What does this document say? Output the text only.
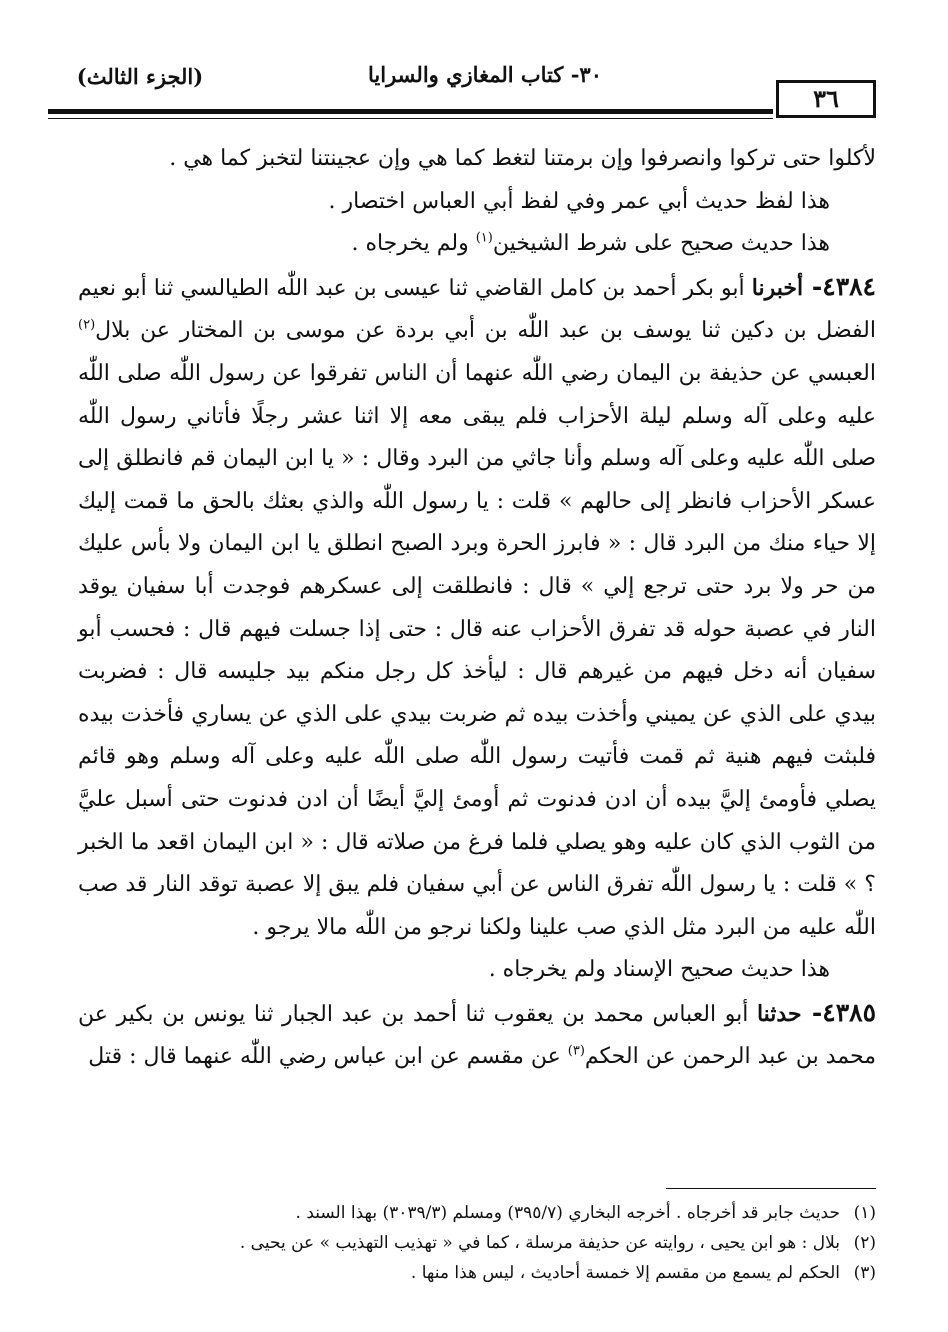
٣٦
٣٠- كتاب المغازي والسرايا
(الجزء الثالث)

لأكلوا حتى تركوا وانصرفوا وإن برمتنا لتغط كما هي وإن عجينتنا لتخبز كما هي .

هذا لفظ حديث أبي عمر وفي لفظ أبي العباس اختصار .

هذا حديث صحيح على شرط الشيخين$^{(١)}$ ولم يخرجاه .

٤٣٨٤- أخبرنا أبو بكر أحمد بن كامل القاضي ثنا عيسى بن عبد اللّٰه الطيالسي ثنا أبو نعيم الفضل بن دكين ثنا يوسف بن عبد اللّٰه بن أبي بردة عن موسى بن المختار عن بلال$^{(٢)}$ العبسي عن حذيفة بن اليمان رضي اللّٰه عنهما أن الناس تفرقوا عن رسول اللّٰه صلى اللّٰه عليه وعلى آله وسلم ليلة الأحزاب فلم يبقى معه إلا اثنا عشر رجلًا فأتاني رسول اللّٰه صلى اللّٰه عليه وعلى آله وسلم وأنا جاثي من البرد وقال : « يا ابن اليمان قم فانطلق إلى عسكر الأحزاب فانظر إلى حالهم » قلت : يا رسول اللّٰه والذي بعثك بالحق ما قمت إليك إلا حياء منك من البرد قال : « فابرز الحرة وبرد الصبح انطلق يا ابن اليمان ولا بأس عليك من حر ولا برد حتى ترجع إلي » قال : فانطلقت إلى عسكرهم فوجدت أبا سفيان يوقد النار في عصبة حوله قد تفرق الأحزاب عنه قال : حتى إذا جسلت فيهم قال : فحسب أبو سفيان أنه دخل فيهم من غيرهم قال : ليأخذ كل رجل منكم بيد جليسه قال : فضربت بيدي على الذي عن يميني وأخذت بيده ثم ضربت بيدي على الذي عن يساري فأخذت بيده فلبثت فيهم هنية ثم قمت فأتيت رسول اللّٰه صلى اللّٰه عليه وعلى آله وسلم وهو قائم يصلي فأومئ إليَّ بيده أن ادن فدنوت ثم أومئ إليَّ أيضًا أن ادن فدنوت حتى أسبل عليَّ من الثوب الذي كان عليه وهو يصلي فلما فرغ من صلاته قال : « ابن اليمان اقعد ما الخبر ؟ » قلت : يا رسول اللّٰه تفرق الناس عن أبي سفيان فلم يبق إلا عصبة توقد النار قد صب اللّٰه عليه من البرد مثل الذي صب علينا ولكنا نرجو من اللّٰه مالا يرجو .

هذا حديث صحيح الإسناد ولم يخرجاه .

٤٣٨٥- حدثنا أبو العباس محمد بن يعقوب ثنا أحمد بن عبد الجبار ثنا يونس بن بكير عن محمد بن عبد الرحمن عن الحكم$^{(٣)}$ عن مقسم عن ابن عباس رضي اللّٰه عنهما قال : قتل

(١)حديث جابر قد أخرجاه . أخرجه البخاري (٣٩٥/٧) ومسلم (٣٠٣٩/٣) بهذا السند .

(٢)بلال : هو ابن يحيى ، روايته عن حذيفة مرسلة ، كما في « تهذيب التهذيب » عن يحيى .

(٣)الحكم لم يسمع من مقسم إلا خمسة أحاديث ، ليس هذا منها .
